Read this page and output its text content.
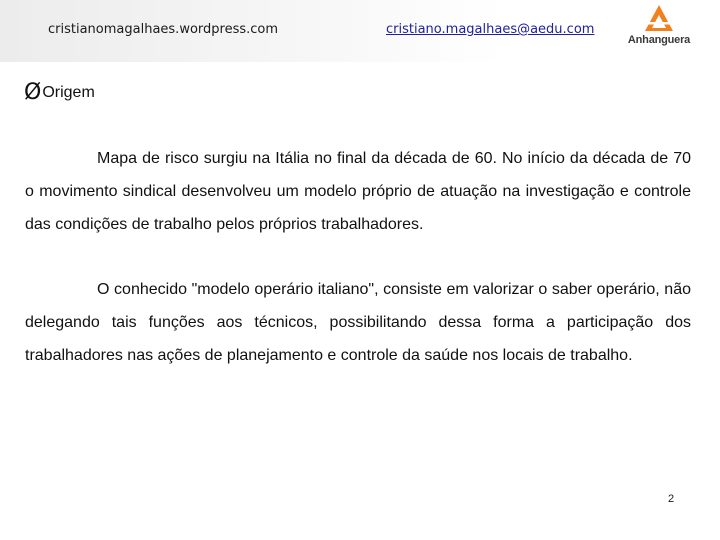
cristianomagalhaes.wordpress.com	cristiano.magalhaes@aedu.com
Anhanguera
Ø Origem

Mapa de risco surgiu na Itália no final da década de 60. No início da década de 70 o movimento sindical desenvolveu um modelo próprio de atuação na investigação e controle das condições de trabalho pelos próprios trabalhadores.

O conhecido "modelo operário italiano", consiste em valorizar o saber operário, não delegando tais funções aos técnicos, possibilitando dessa forma a participação dos trabalhadores nas ações de planejamento e controle da saúde nos locais de trabalho.

2
